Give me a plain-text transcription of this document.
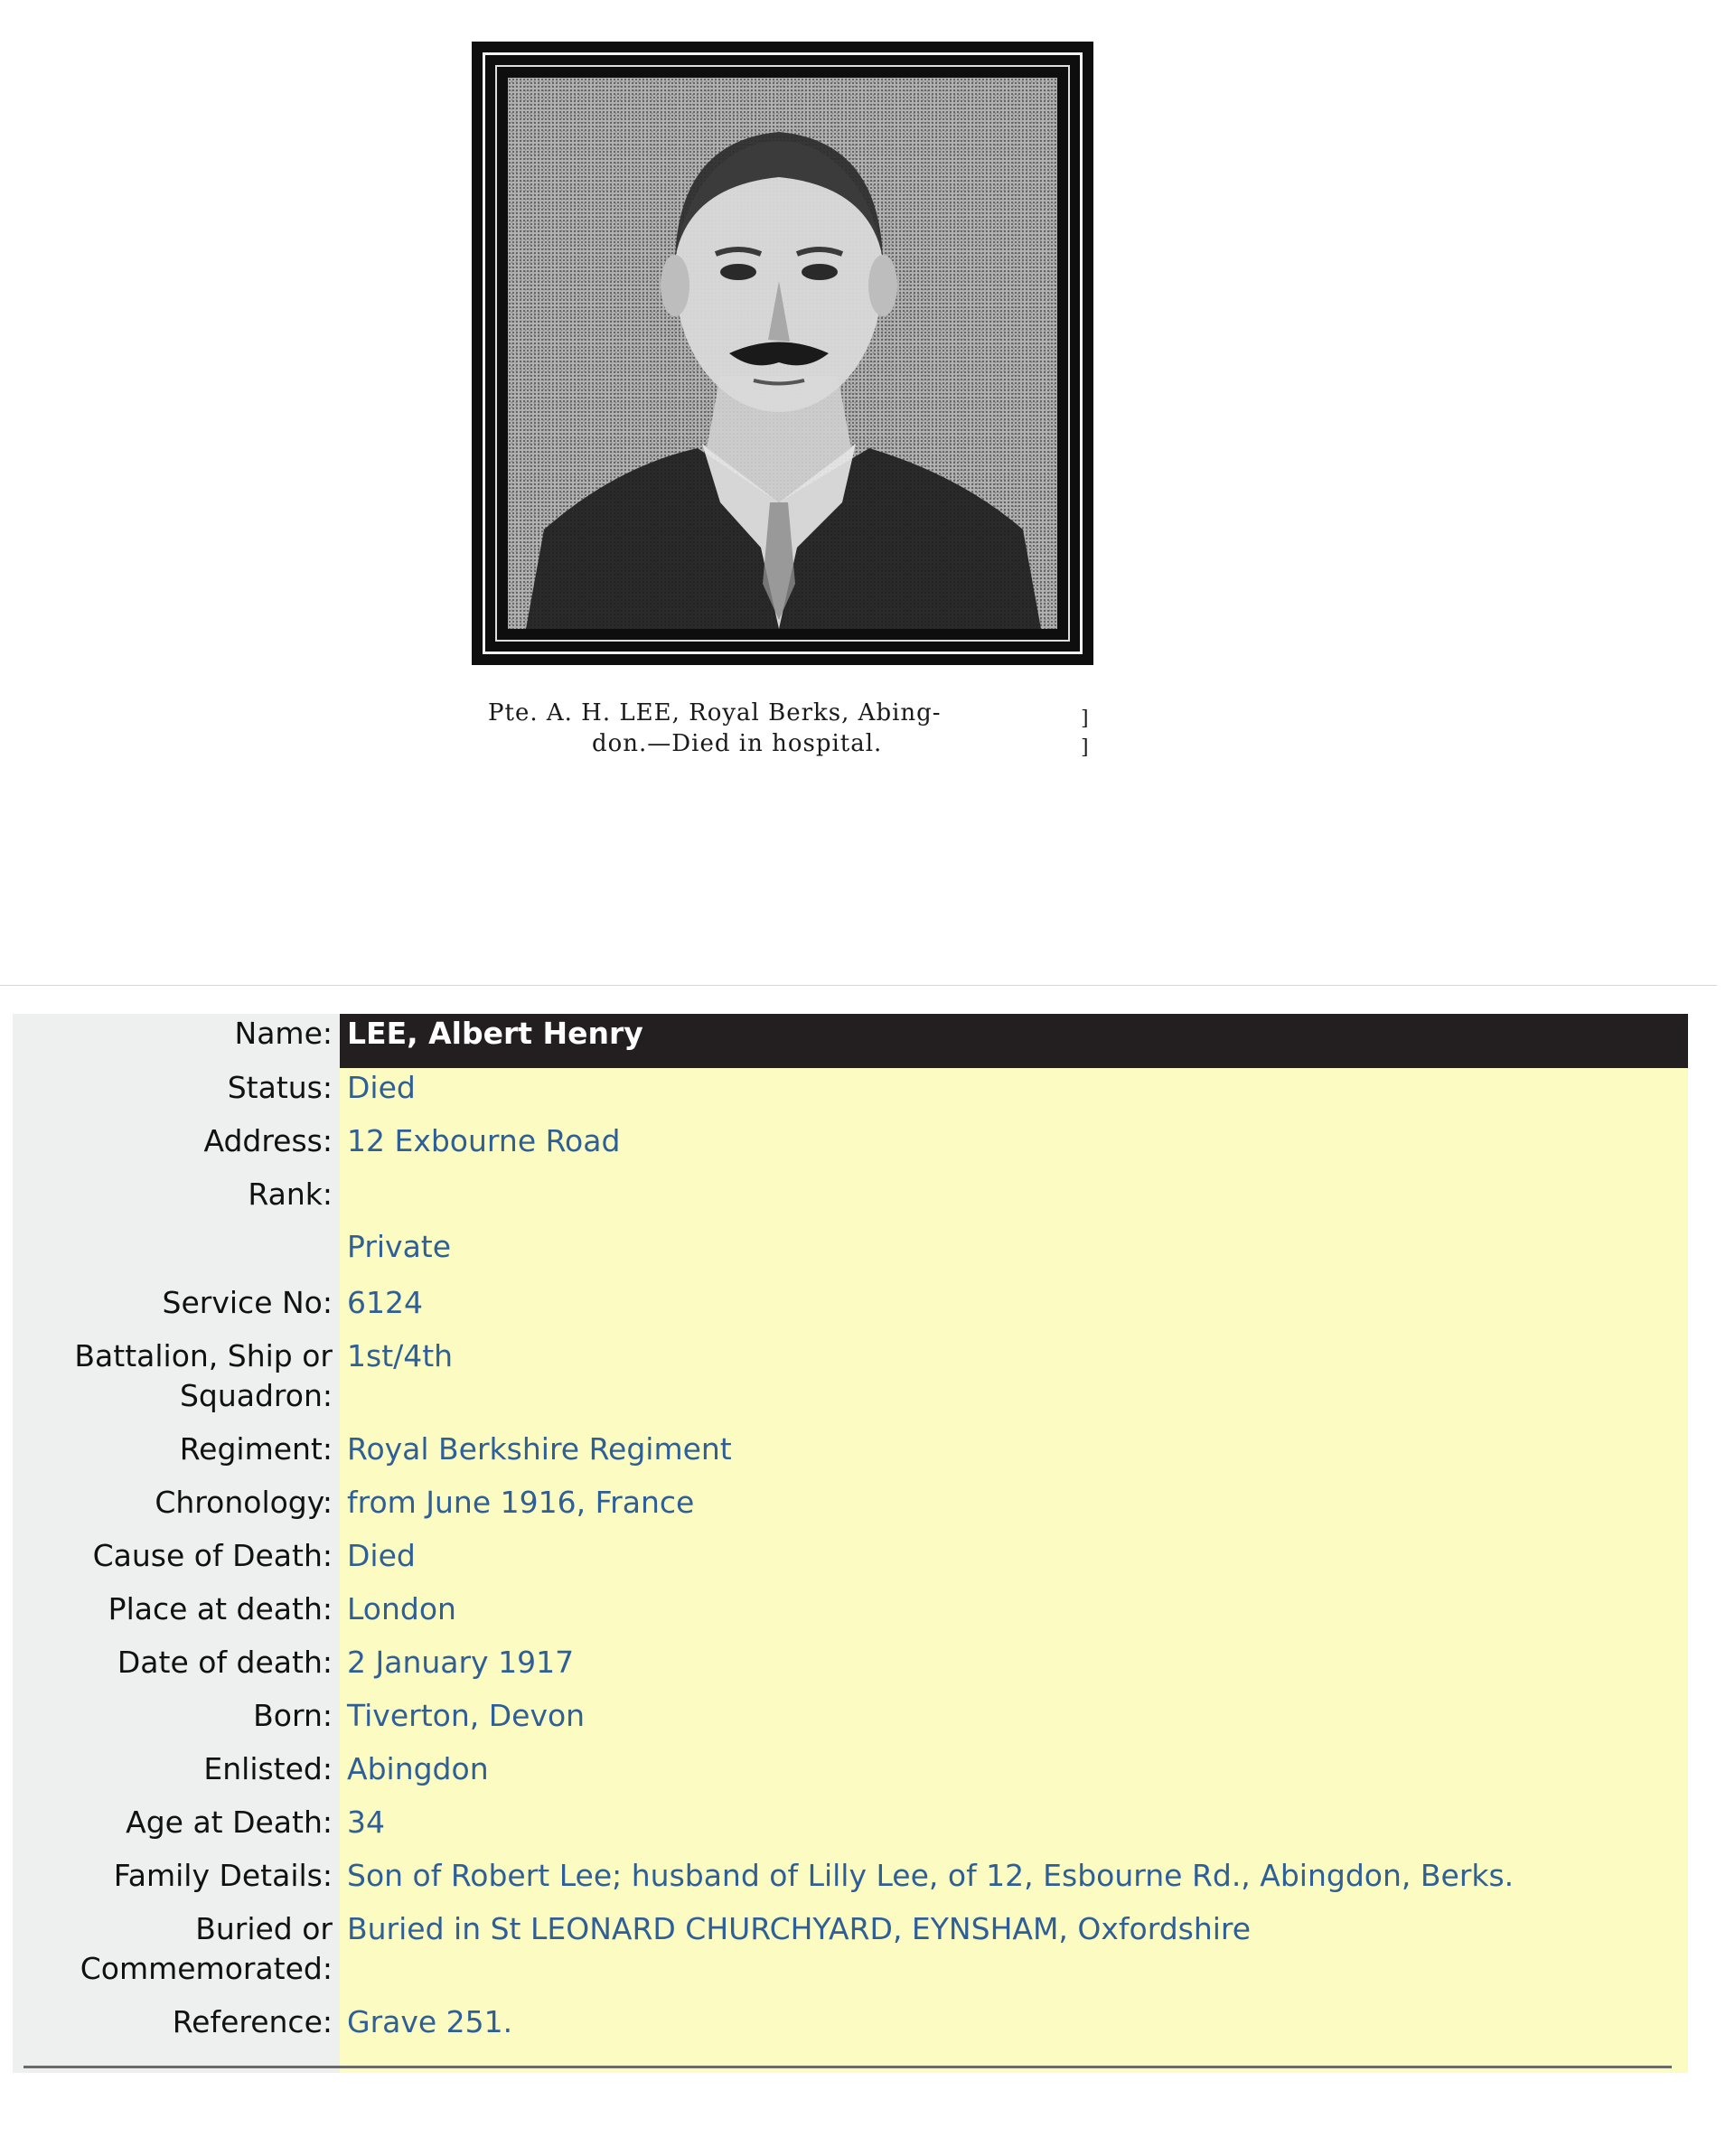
Pte. A. H. LEE, Royal Berks, Abing-
don.—Died in hospital.
]
]
Name:	LEE, Albert Henry
Status:	Died
Address:	12 Exbourne Road
Rank:	Private
Service No:	6124

Battalion, Ship or
Squadron:	1st/4th
Regiment:	Royal Berkshire Regiment
Chronology:	from June 1916, France
Cause of Death:	Died
Place at death:	London
Date of death:	2 January 1917
Born:	Tiverton, Devon
Enlisted:	Abingdon
Age at Death:	34
Family Details:	Son of Robert Lee; husband of Lilly Lee, of 12, Esbourne Rd., Abingdon, Berks.

Buried or
Commemorated:	Buried in St LEONARD CHURCHYARD, EYNSHAM, Oxfordshire
Reference:	Grave 251.
